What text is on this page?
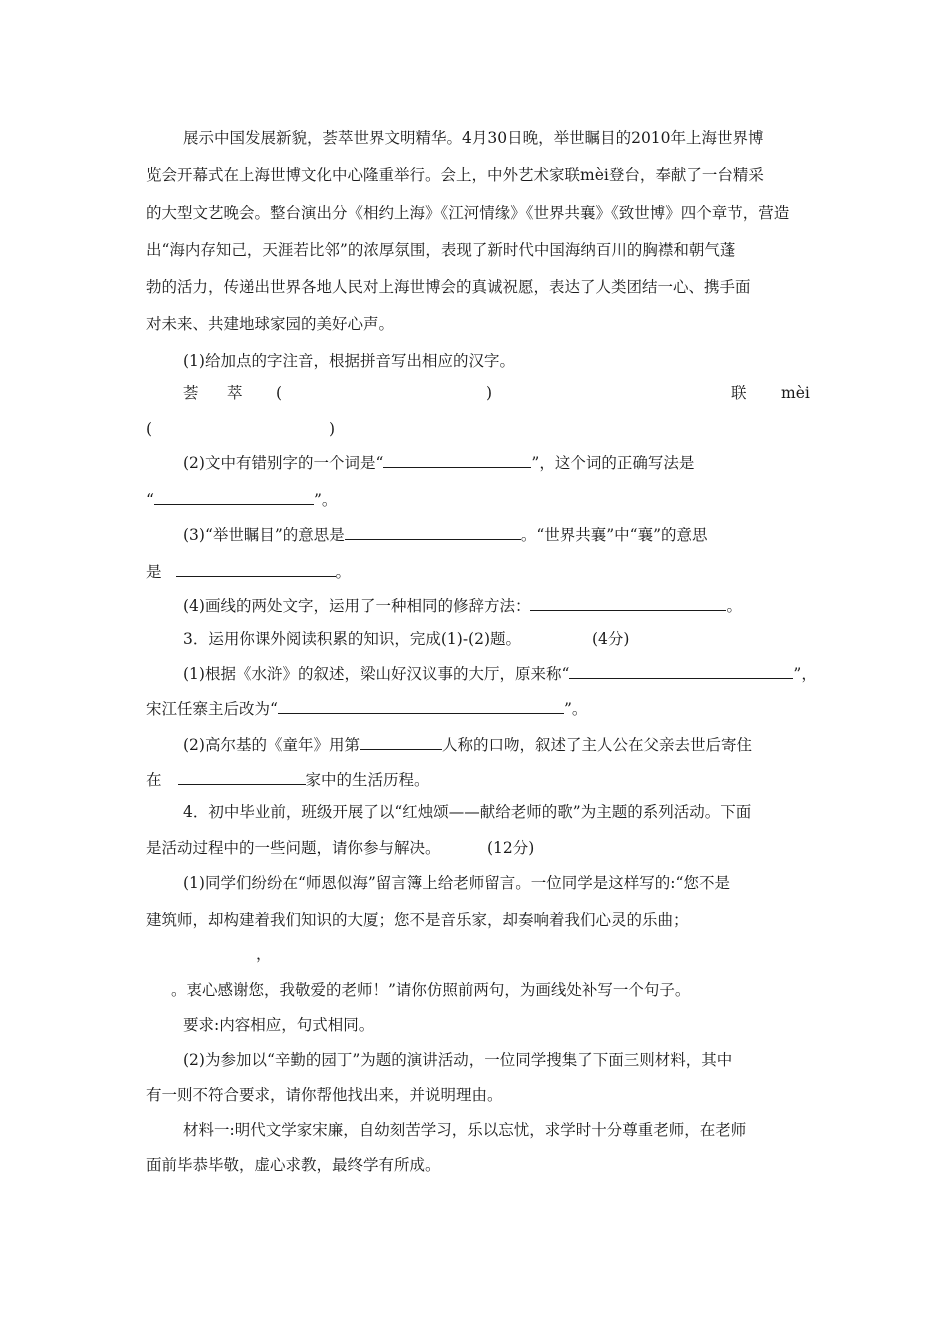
展示中国发展新貌，荟萃世界文明精华。4月30日晚，举世瞩目的2010年上海世界博
览会开幕式在上海世博文化中心隆重举行。会上，中外艺术家联mèi登台，奉献了一台精采
的大型文艺晚会。整台演出分《相约上海》《江河情缘》《世界共襄》《致世博》四个章节，营造
出“海内存知己，天涯若比邻”的浓厚氛围，表现了新时代中国海纳百川的胸襟和朝气蓬
勃的活力，传递出世界各地人民对上海世博会的真诚祝愿，表达了人类团结一心、携手面
对未来、共建地球家园的美好心声。
(1)给加点的字注音，根据拼音写出相应的汉字。
荟 萃 (	)	联 mèi
(	)
(2)文中有错别字的一个词是“	”，这个词的正确写法是
“	”。
(3)“举世瞩目”的意思是	。“世界共襄”中“襄”的意思
是	。
(4)画线的两处文字，运用了一种相同的修辞方法：	。
3．运用你课外阅读积累的知识，完成(1)-(2)题。	(4分)
(1)根据《水浒》的叙述，梁山好汉议事的大厅，原来称“	”，
宋江任寨主后改为“	”。
(2)高尔基的《童年》用第	人称的口吻，叙述了主人公在父亲去世后寄住
在	家中的生活历程。
4．初中毕业前，班级开展了以“红烛颂——献给老师的歌”为主题的系列活动。下面
是活动过程中的一些问题，请你参与解决。	(12分)
(1)同学们纷纷在“师恩似海”留言簿上给老师留言。一位同学是这样写的:“您不是
建筑师，却构建着我们知识的大厦；您不是音乐家，却奏响着我们心灵的乐曲；
，
。衷心感谢您，我敬爱的老师！”请你仿照前两句，为画线处补写一个句子。
要求:内容相应，句式相同。
(2)为参加以“辛勤的园丁”为题的演讲活动，一位同学搜集了下面三则材料，其中
有一则不符合要求，请你帮他找出来，并说明理由。
材料一:明代文学家宋廉，自幼刻苦学习，乐以忘忧，求学时十分尊重老师，在老师
面前毕恭毕敬，虚心求教，最终学有所成。
